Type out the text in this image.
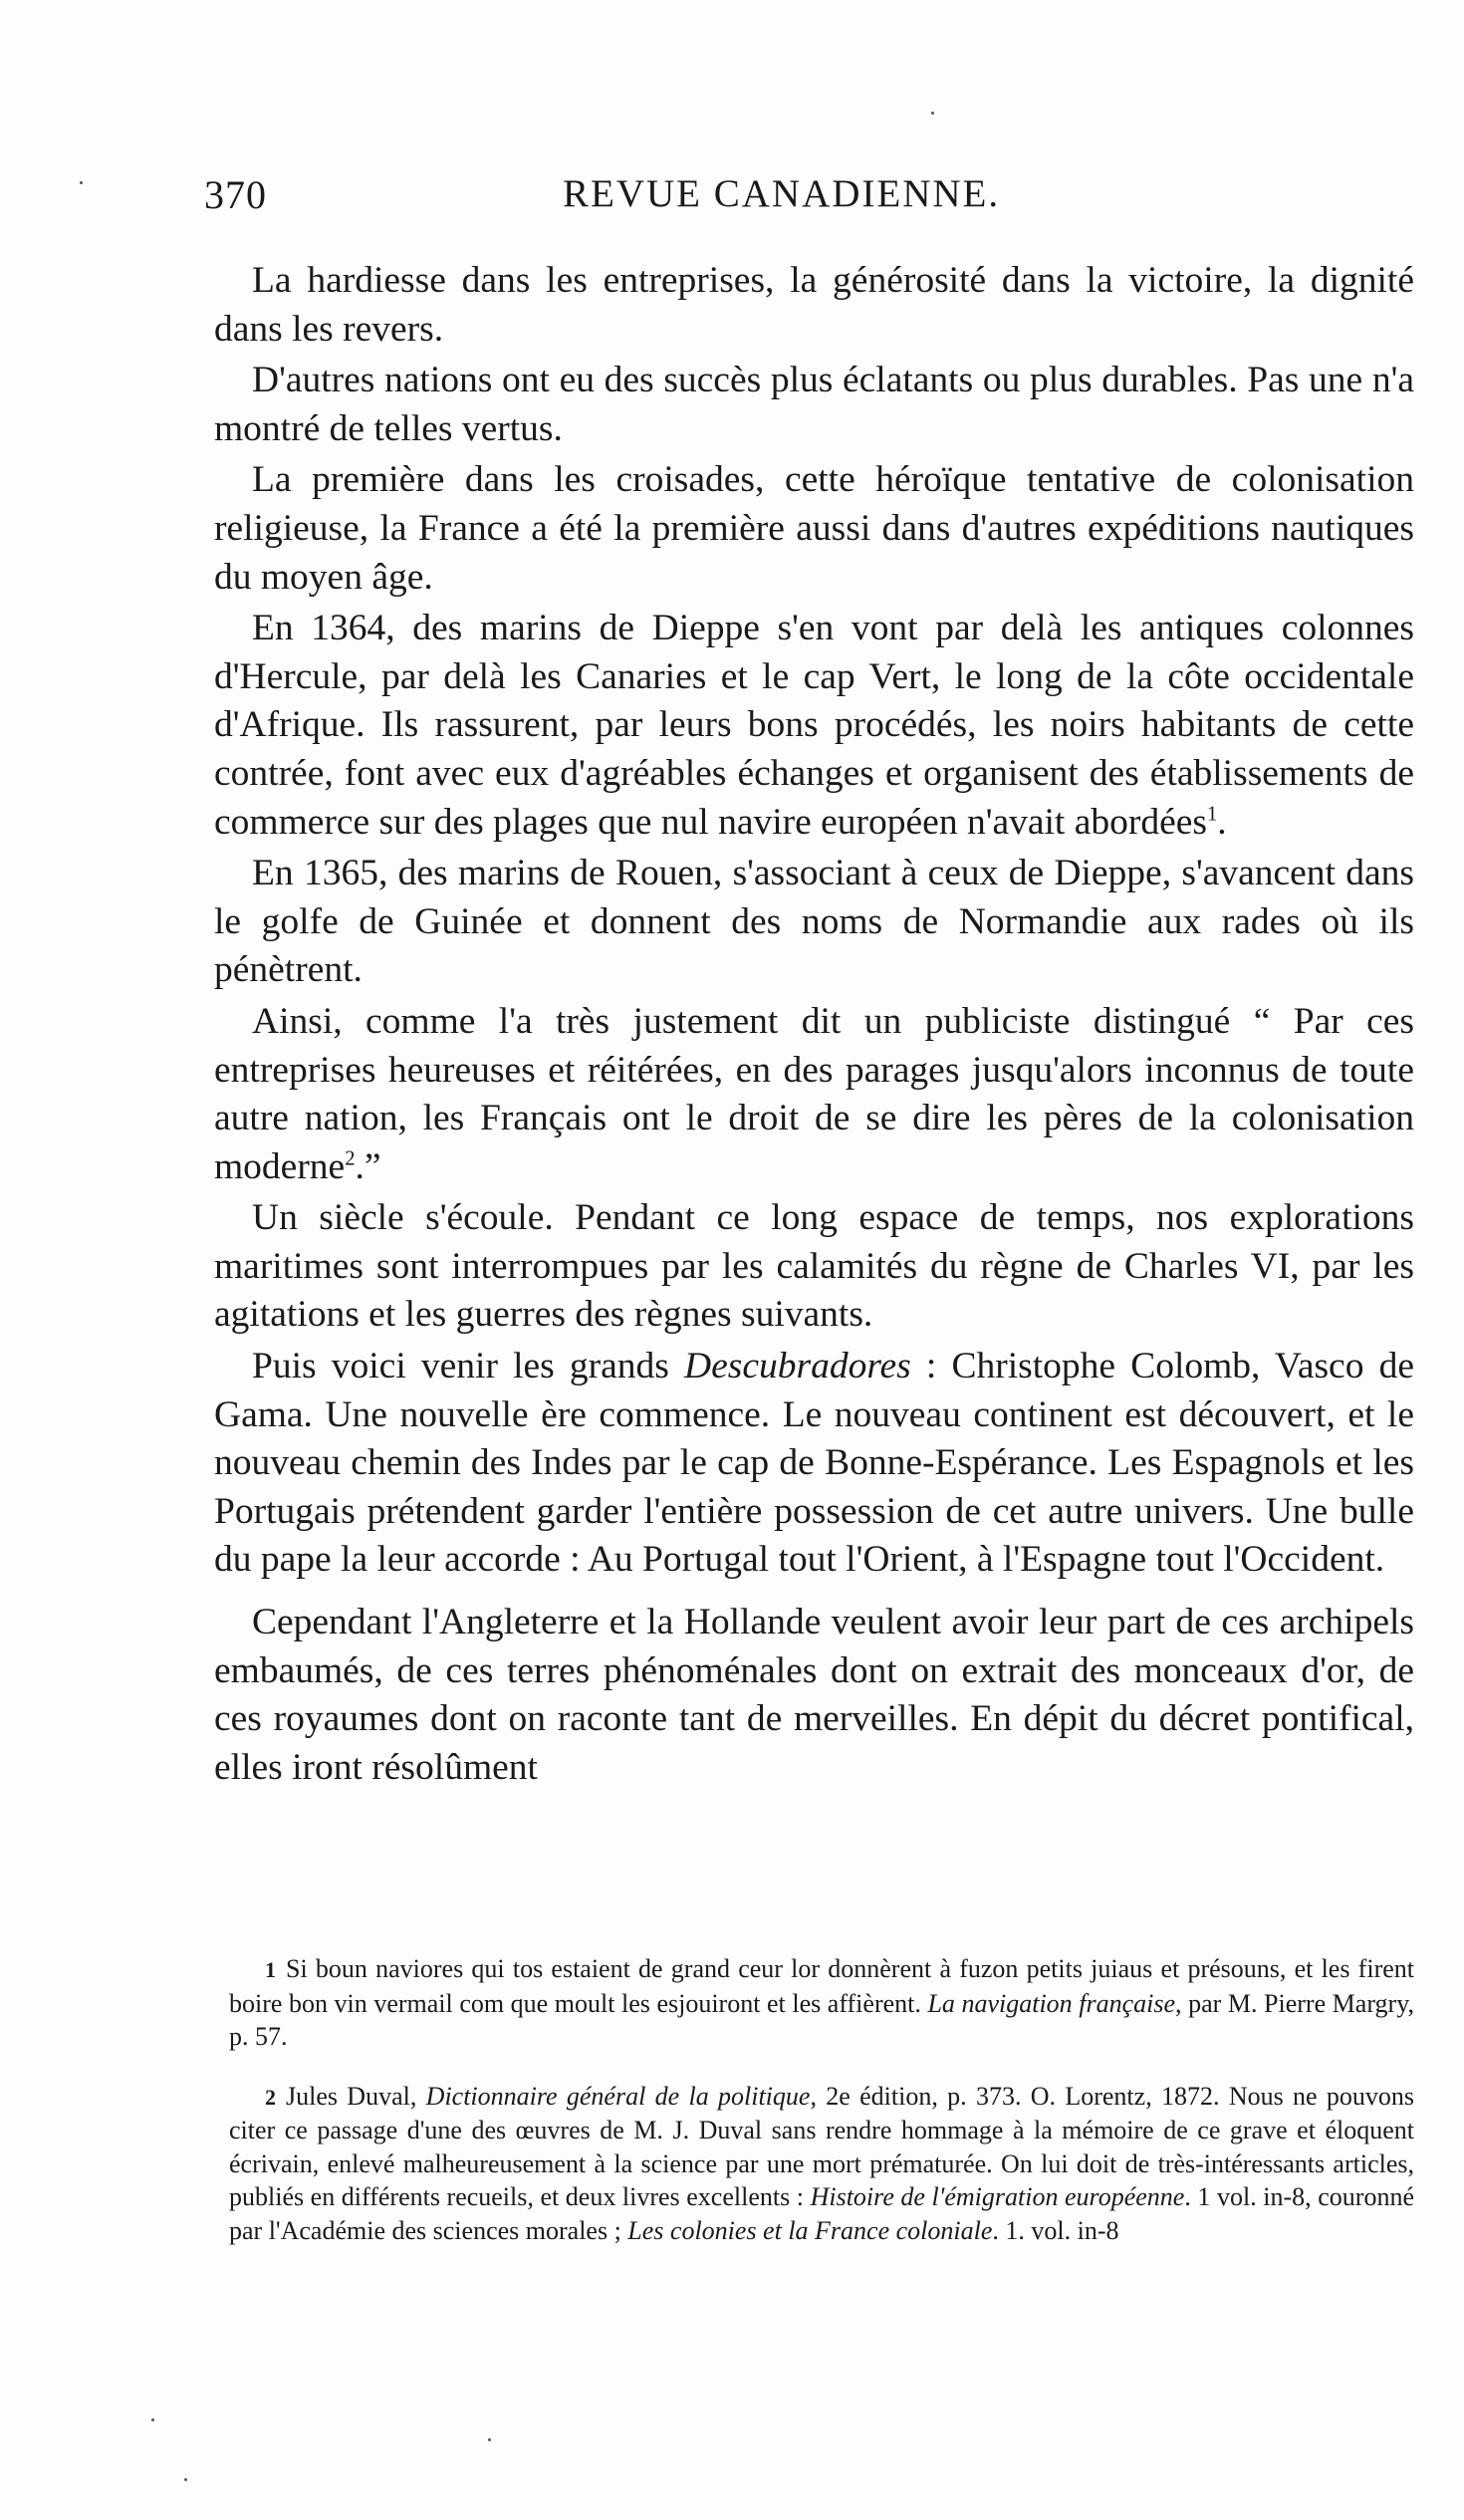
370	REVUE CANADIENNE.

La hardiesse dans les entreprises, la générosité dans la victoire, la dignité dans les revers.

D'autres nations ont eu des succès plus éclatants ou plus durables. Pas une n'a montré de telles vertus.

La première dans les croisades, cette héroïque tentative de colonisation religieuse, la France a été la première aussi dans d'autres expéditions nautiques du moyen âge.

En 1364, des marins de Dieppe s'en vont par delà les antiques colonnes d'Hercule, par delà les Canaries et le cap Vert, le long de la côte occidentale d'Afrique. Ils rassurent, par leurs bons procédés, les noirs habitants de cette contrée, font avec eux d'agréables échanges et organisent des établissements de commerce sur des plages que nul navire européen n'avait abordées$^1$.

En 1365, des marins de Rouen, s'associant à ceux de Dieppe, s'avancent dans le golfe de Guinée et donnent des noms de Normandie aux rades où ils pénètrent.

Ainsi, comme l'a très justement dit un publiciste distingué “ Par ces entreprises heureuses et réitérées, en des parages jusqu'alors inconnus de toute autre nation, les Français ont le droit de se dire les pères de la colonisation moderne$^2$.”

Un siècle s'écoule. Pendant ce long espace de temps, nos explorations maritimes sont interrompues par les calamités du règne de Charles VI, par les agitations et les guerres des règnes suivants.

Puis voici venir les grands Descubradores : Christophe Colomb, Vasco de Gama. Une nouvelle ère commence. Le nouveau continent est découvert, et le nouveau chemin des Indes par le cap de Bonne-Espérance. Les Espagnols et les Portugais prétendent garder l'entière possession de cet autre univers. Une bulle du pape la leur accorde : Au Portugal tout l'Orient, à l'Espagne tout l'Occident.

Cependant l'Angleterre et la Hollande veulent avoir leur part de ces archipels embaumés, de ces terres phénoménales dont on extrait des monceaux d'or, de ces royaumes dont on raconte tant de merveilles. En dépit du décret pontifical, elles iront résolûment

1 Si boun naviores qui tos estaient de grand ceur lor donnèrent à fuzon petits juiaus et présouns, et les firent boire bon vin vermail com que moult les esjouiront et les affièrent. La navigation française, par M. Pierre Margry, p. 57.

2 Jules Duval, Dictionnaire général de la politique, 2e édition, p. 373. O. Lorentz, 1872. Nous ne pouvons citer ce passage d'une des œuvres de M. J. Duval sans rendre hommage à la mémoire de ce grave et éloquent écrivain, enlevé malheureusement à la science par une mort prématurée. On lui doit de très-intéressants articles, publiés en différents recueils, et deux livres excellents : Histoire de l'émigration européenne. 1 vol. in-8, couronné par l'Académie des sciences morales ; Les colonies et la France coloniale. 1. vol. in-8
